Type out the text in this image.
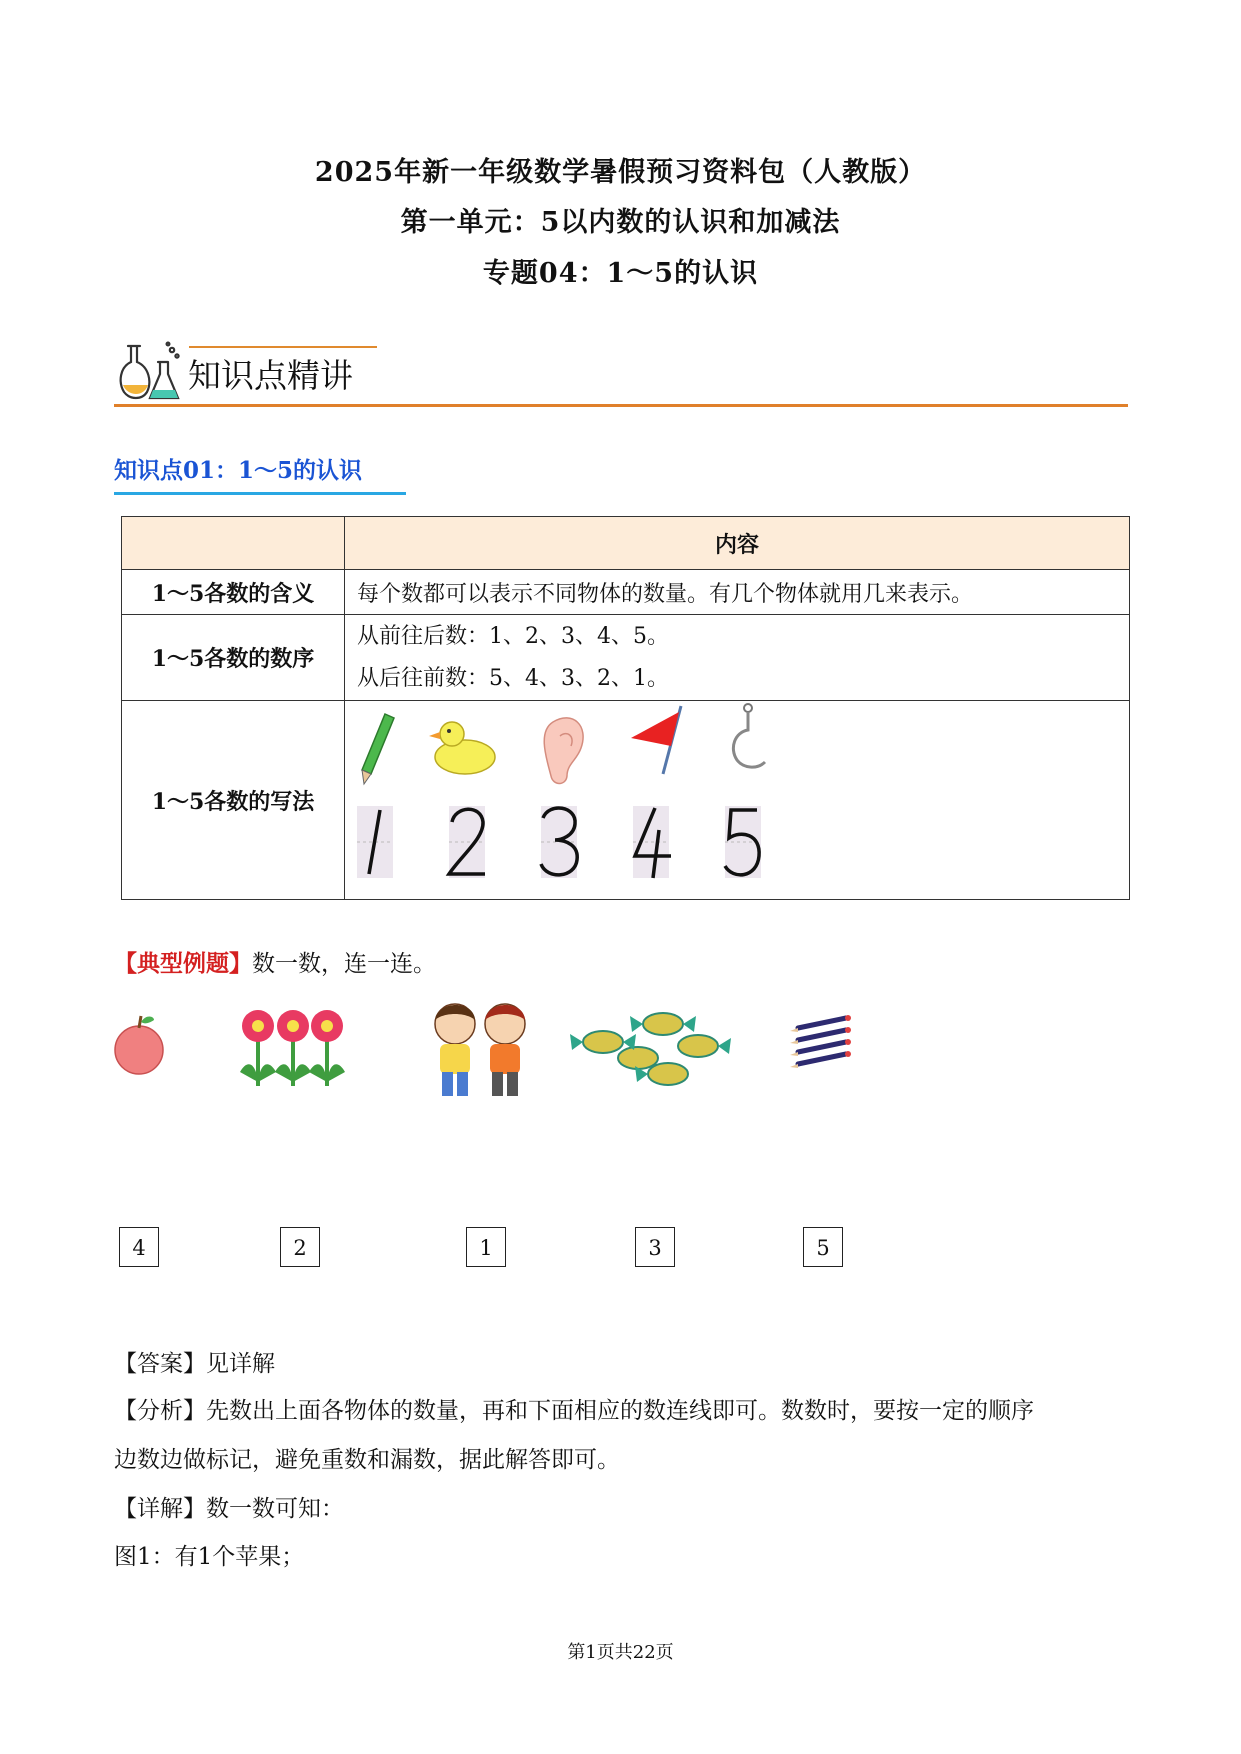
2025年新一年级数学暑假预习资料包（人教版）
第一单元：5以内数的认识和加减法
专题04：1～5的认识
知识点精讲
知识点01：1～5的认识
	内容
1～5各数的含义	每个数都可以表示不同物体的数量。有几个物体就用几来表示。
1～5各数的数序	从前往后数：1、2、3、4、5。
从后往前数：5、4、3、2、1。

1～5各数的写法	
【典型例题】数一数，连一连。
4	2	1	3	5
【答案】见详解
【分析】先数出上面各物体的数量，再和下面相应的数连线即可。数数时，要按一定的顺序
边数边做标记，避免重数和漏数，据此解答即可。
【详解】数一数可知：
图1：有1个苹果；
第1页共22页
